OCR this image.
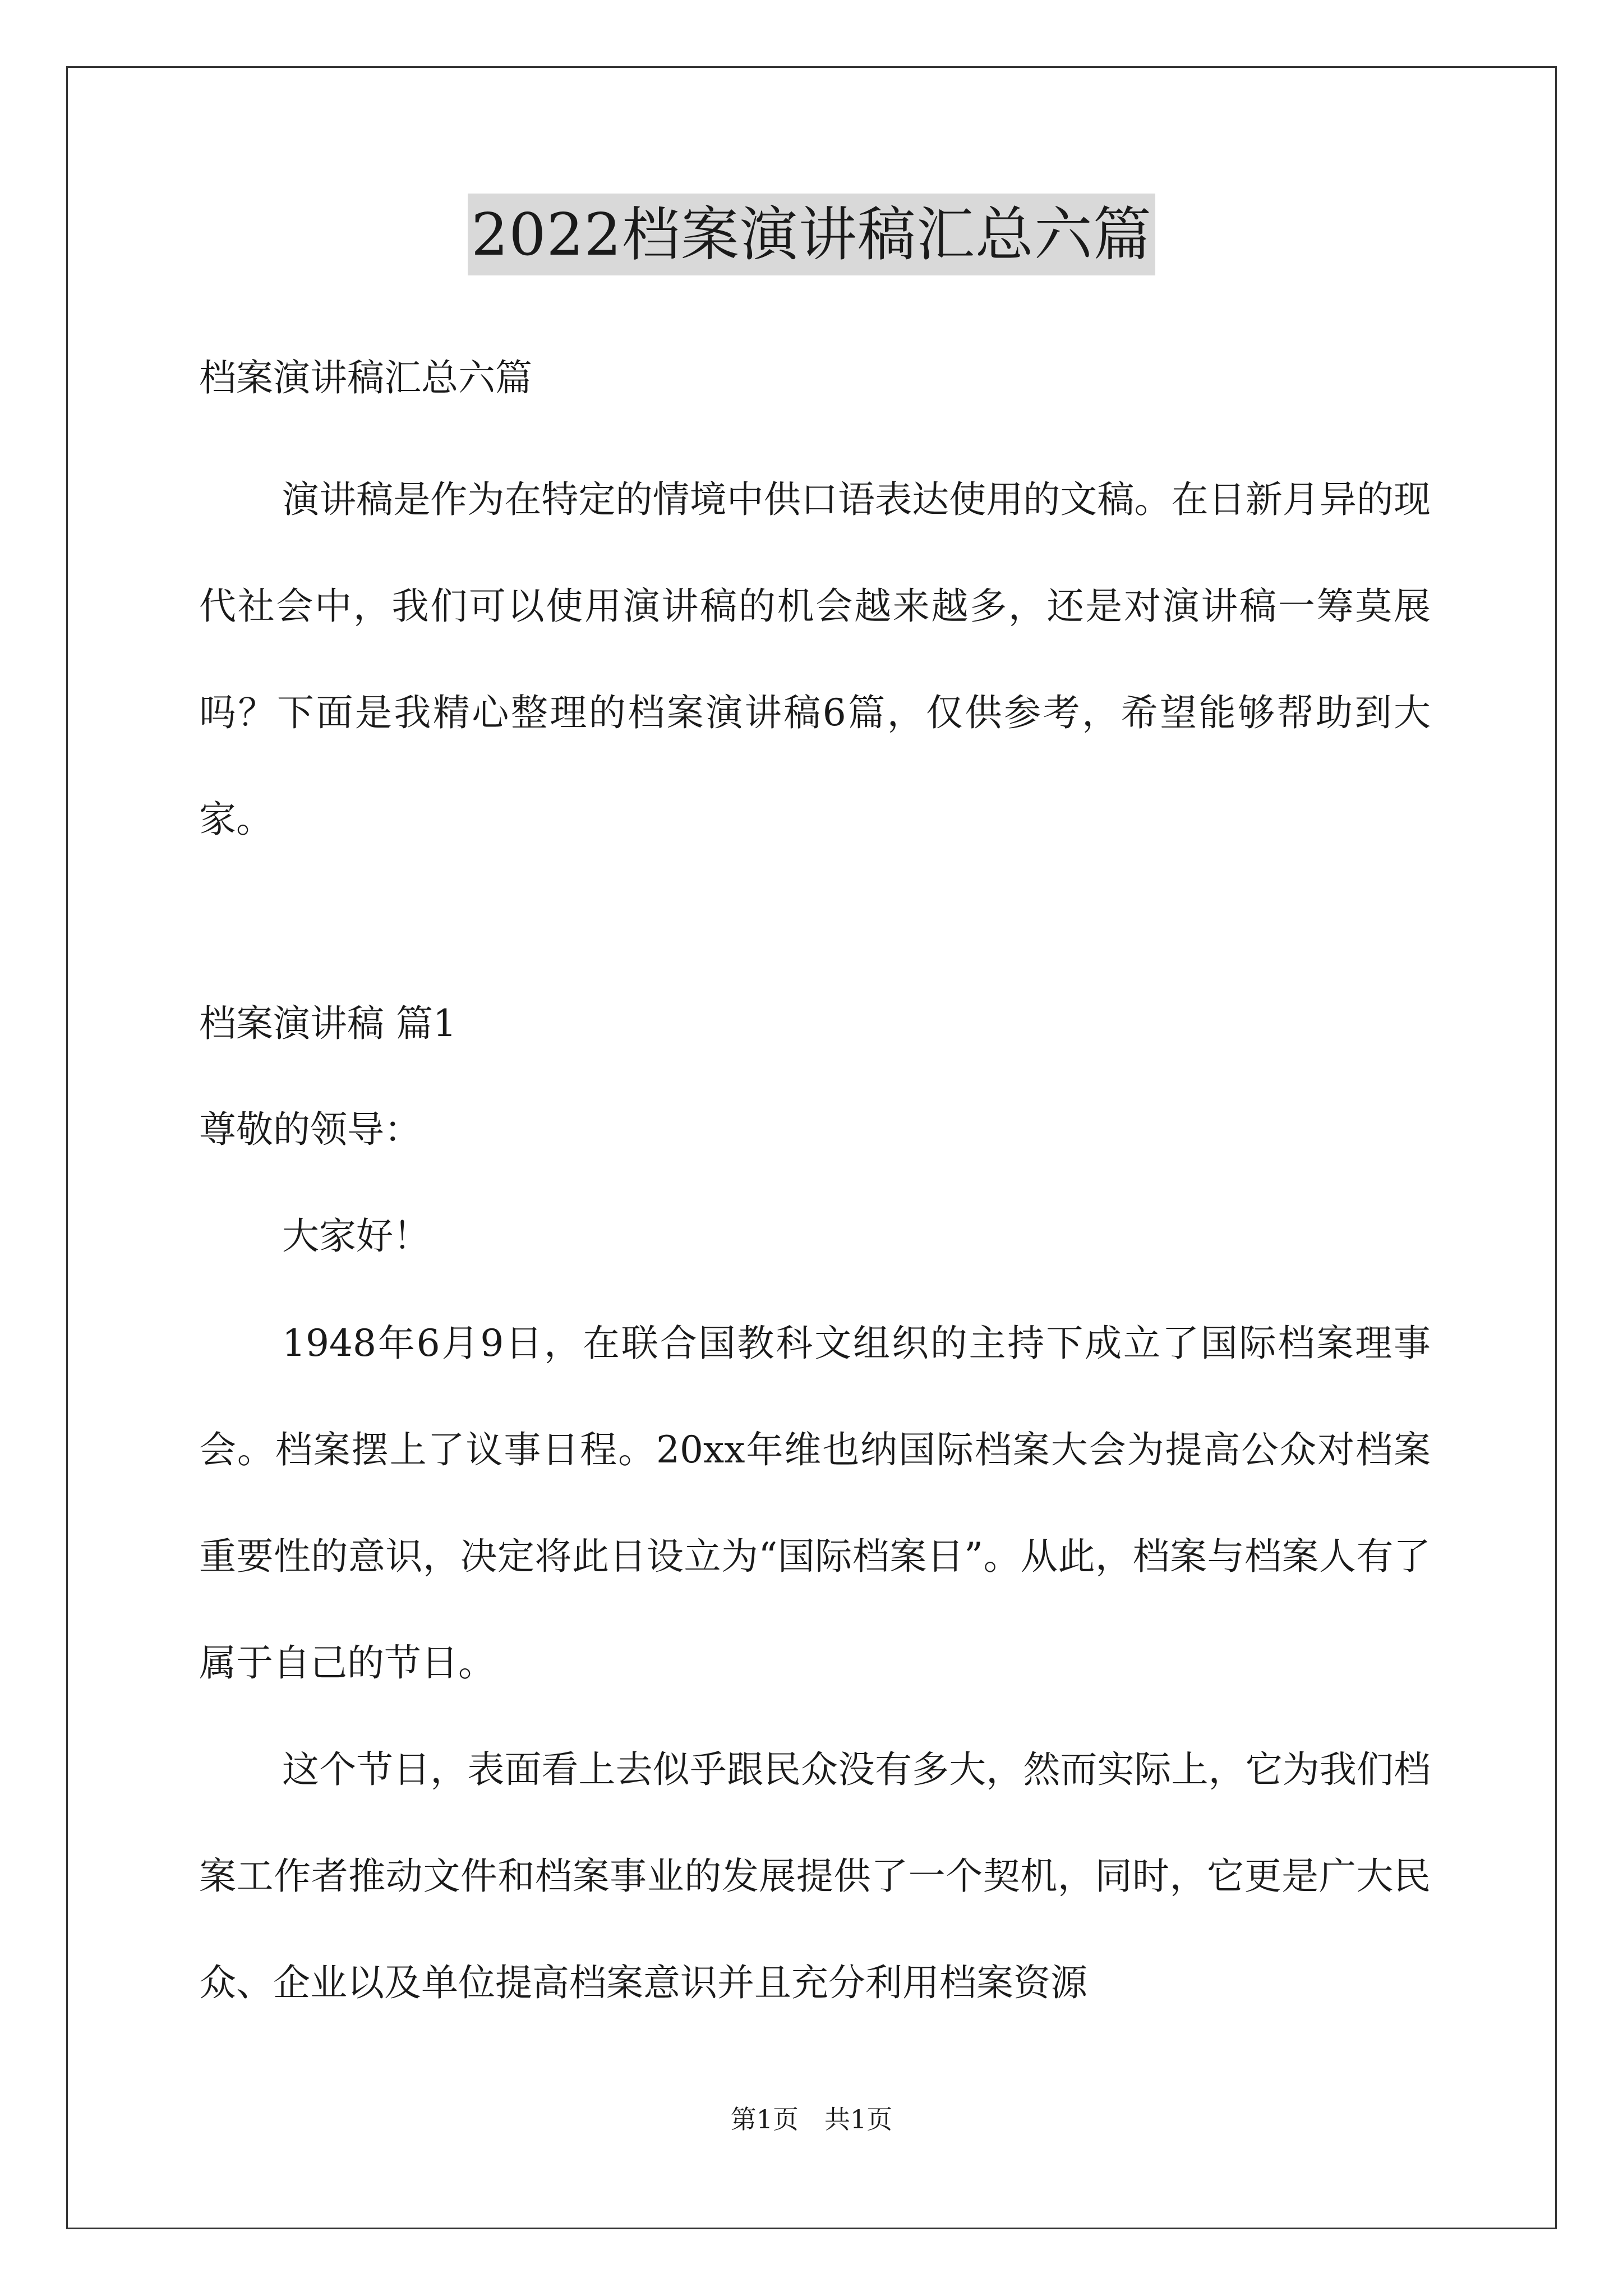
2022档案演讲稿汇总六篇

档案演讲稿汇总六篇

演讲稿是作为在特定的情境中供口语表达使用的文稿。在日新月异的现代社会中，我们可以使用演讲稿的机会越来越多，还是对演讲稿一筹莫展吗？下面是我精心整理的档案演讲稿6篇，仅供参考，希望能够帮助到大家。

档案演讲稿 篇1

尊敬的领导：

大家好！

1948年6月9日，在联合国教科文组织的主持下成立了国际档案理事会。档案摆上了议事日程。20xx年维也纳国际档案大会为提高公众对档案重要性的意识，决定将此日设立为“国际档案日”。从此，档案与档案人有了属于自己的节日。

这个节日，表面看上去似乎跟民众没有多大，然而实际上，它为我们档案工作者推动文件和档案事业的发展提供了一个契机，同时，它更是广大民众、企业以及单位提高档案意识并且充分利用档案资源

第1页　共1页
